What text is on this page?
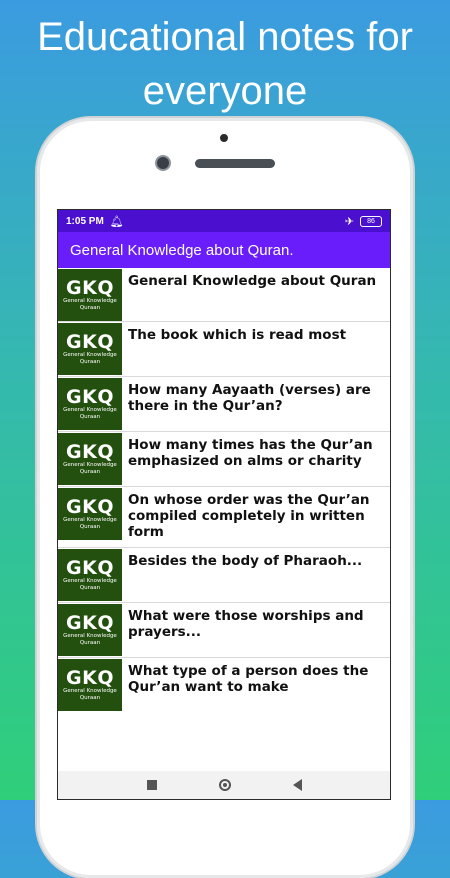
Educational notes for
everyone
1:05 PM 🔔︎	✈	86
General Knowledge about Quran.
GKQ
General Knowledge
Quraan
General Knowledge about Quran
GKQ
General Knowledge
Quraan
The book which is read most
GKQ
General Knowledge
Quraan
How many Aayaath (verses) are there in the Qur’an?
GKQ
General Knowledge
Quraan
How many times has the Qur’an emphasized on alms or charity
GKQ
General Knowledge
Quraan
On whose order was the Qur’an compiled completely in written form
GKQ
General Knowledge
Quraan
Besides the body of Pharaoh...
GKQ
General Knowledge
Quraan
What were those worships and prayers...
GKQ
General Knowledge
Quraan
What type of a person does the Qur’an want to make
